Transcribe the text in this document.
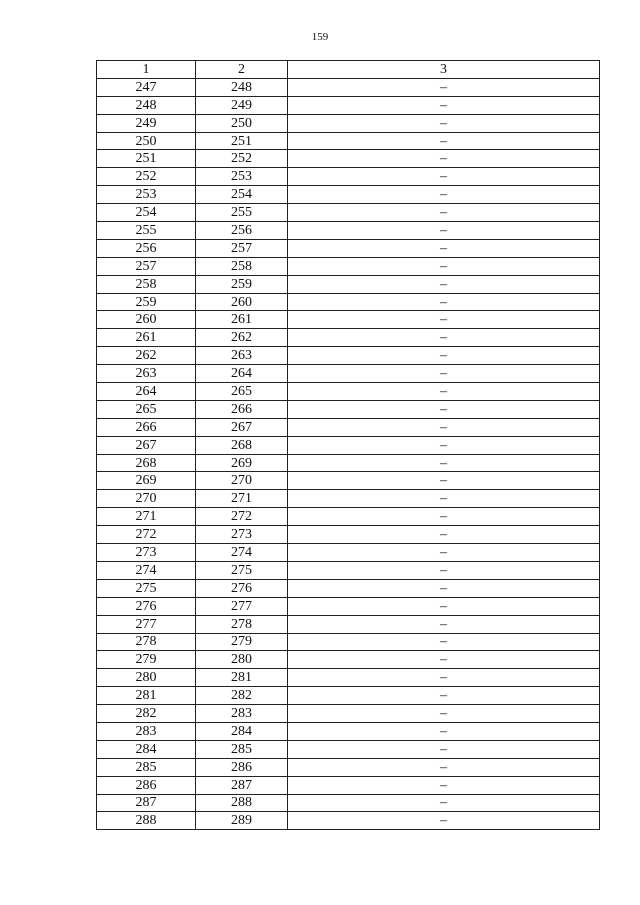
159
1	2	3
247	248	–
248	249	–
249	250	–
250	251	–
251	252	–
252	253	–
253	254	–
254	255	–
255	256	–
256	257	–
257	258	–
258	259	–
259	260	–
260	261	–
261	262	–
262	263	–
263	264	–
264	265	–
265	266	–
266	267	–
267	268	–
268	269	–
269	270	–
270	271	–
271	272	–
272	273	–
273	274	–
274	275	–
275	276	–
276	277	–
277	278	–
278	279	–
279	280	–
280	281	–
281	282	–
282	283	–
283	284	–
284	285	–
285	286	–
286	287	–
287	288	–
288	289	–
